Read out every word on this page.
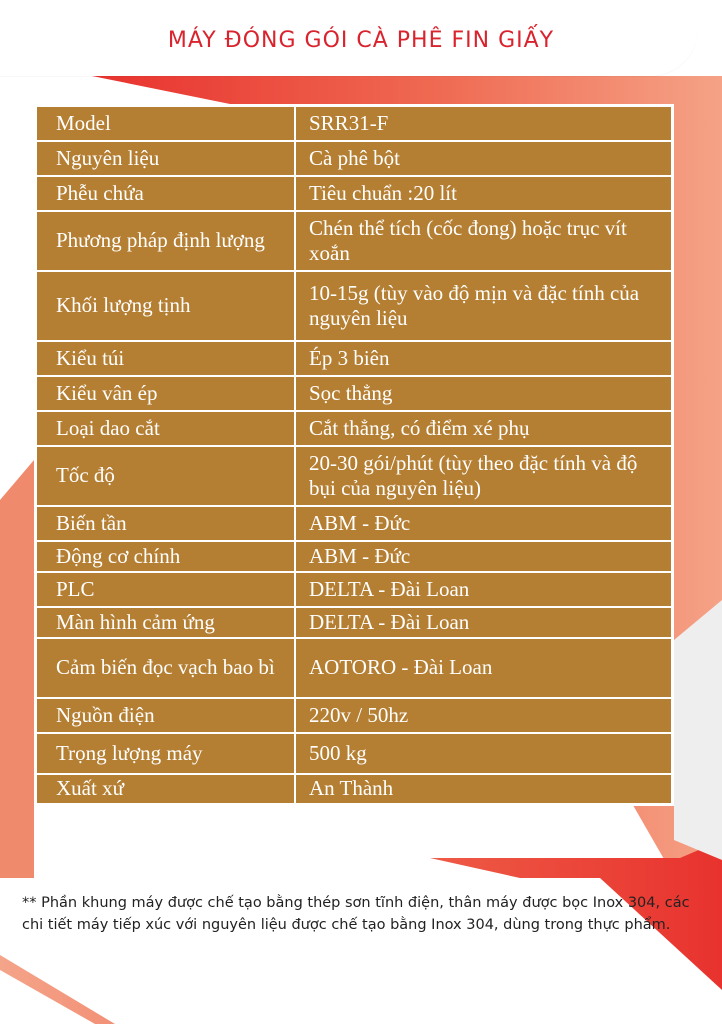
MÁY ĐÓNG GÓI CÀ PHÊ FIN GIẤY
Model	SRR31-F
Nguyên liệu	Cà phê bột
Phễu chứa	Tiêu chuẩn :20 lít
Phương pháp định lượng	Chén thể tích (cốc đong) hoặc trục vít xoắn
Khối lượng tịnh	10-15g (tùy vào độ mịn và đặc tính của nguyên liệu
Kiểu túi	Ép 3 biên
Kiểu vân ép	Sọc thẳng
Loại dao cắt	Cắt thẳng, có điểm xé phụ
Tốc độ	20-30 gói/phút (tùy theo đặc tính và độ bụi của nguyên liệu)
Biến tần	ABM - Đức
Động cơ chính	ABM - Đức
PLC	DELTA - Đài Loan
Màn hình cảm ứng	DELTA - Đài Loan
Cảm biến đọc vạch bao bì	AOTORO - Đài Loan
Nguồn điện	220v / 50hz
Trọng lượng máy	500 kg
Xuất xứ	An Thành
** Phần khung máy được chế tạo bằng thép sơn tĩnh điện, thân máy được bọc Inox 304, các chi tiết máy tiếp xúc với nguyên liệu được chế tạo bằng Inox 304, dùng trong thực phẩm.
